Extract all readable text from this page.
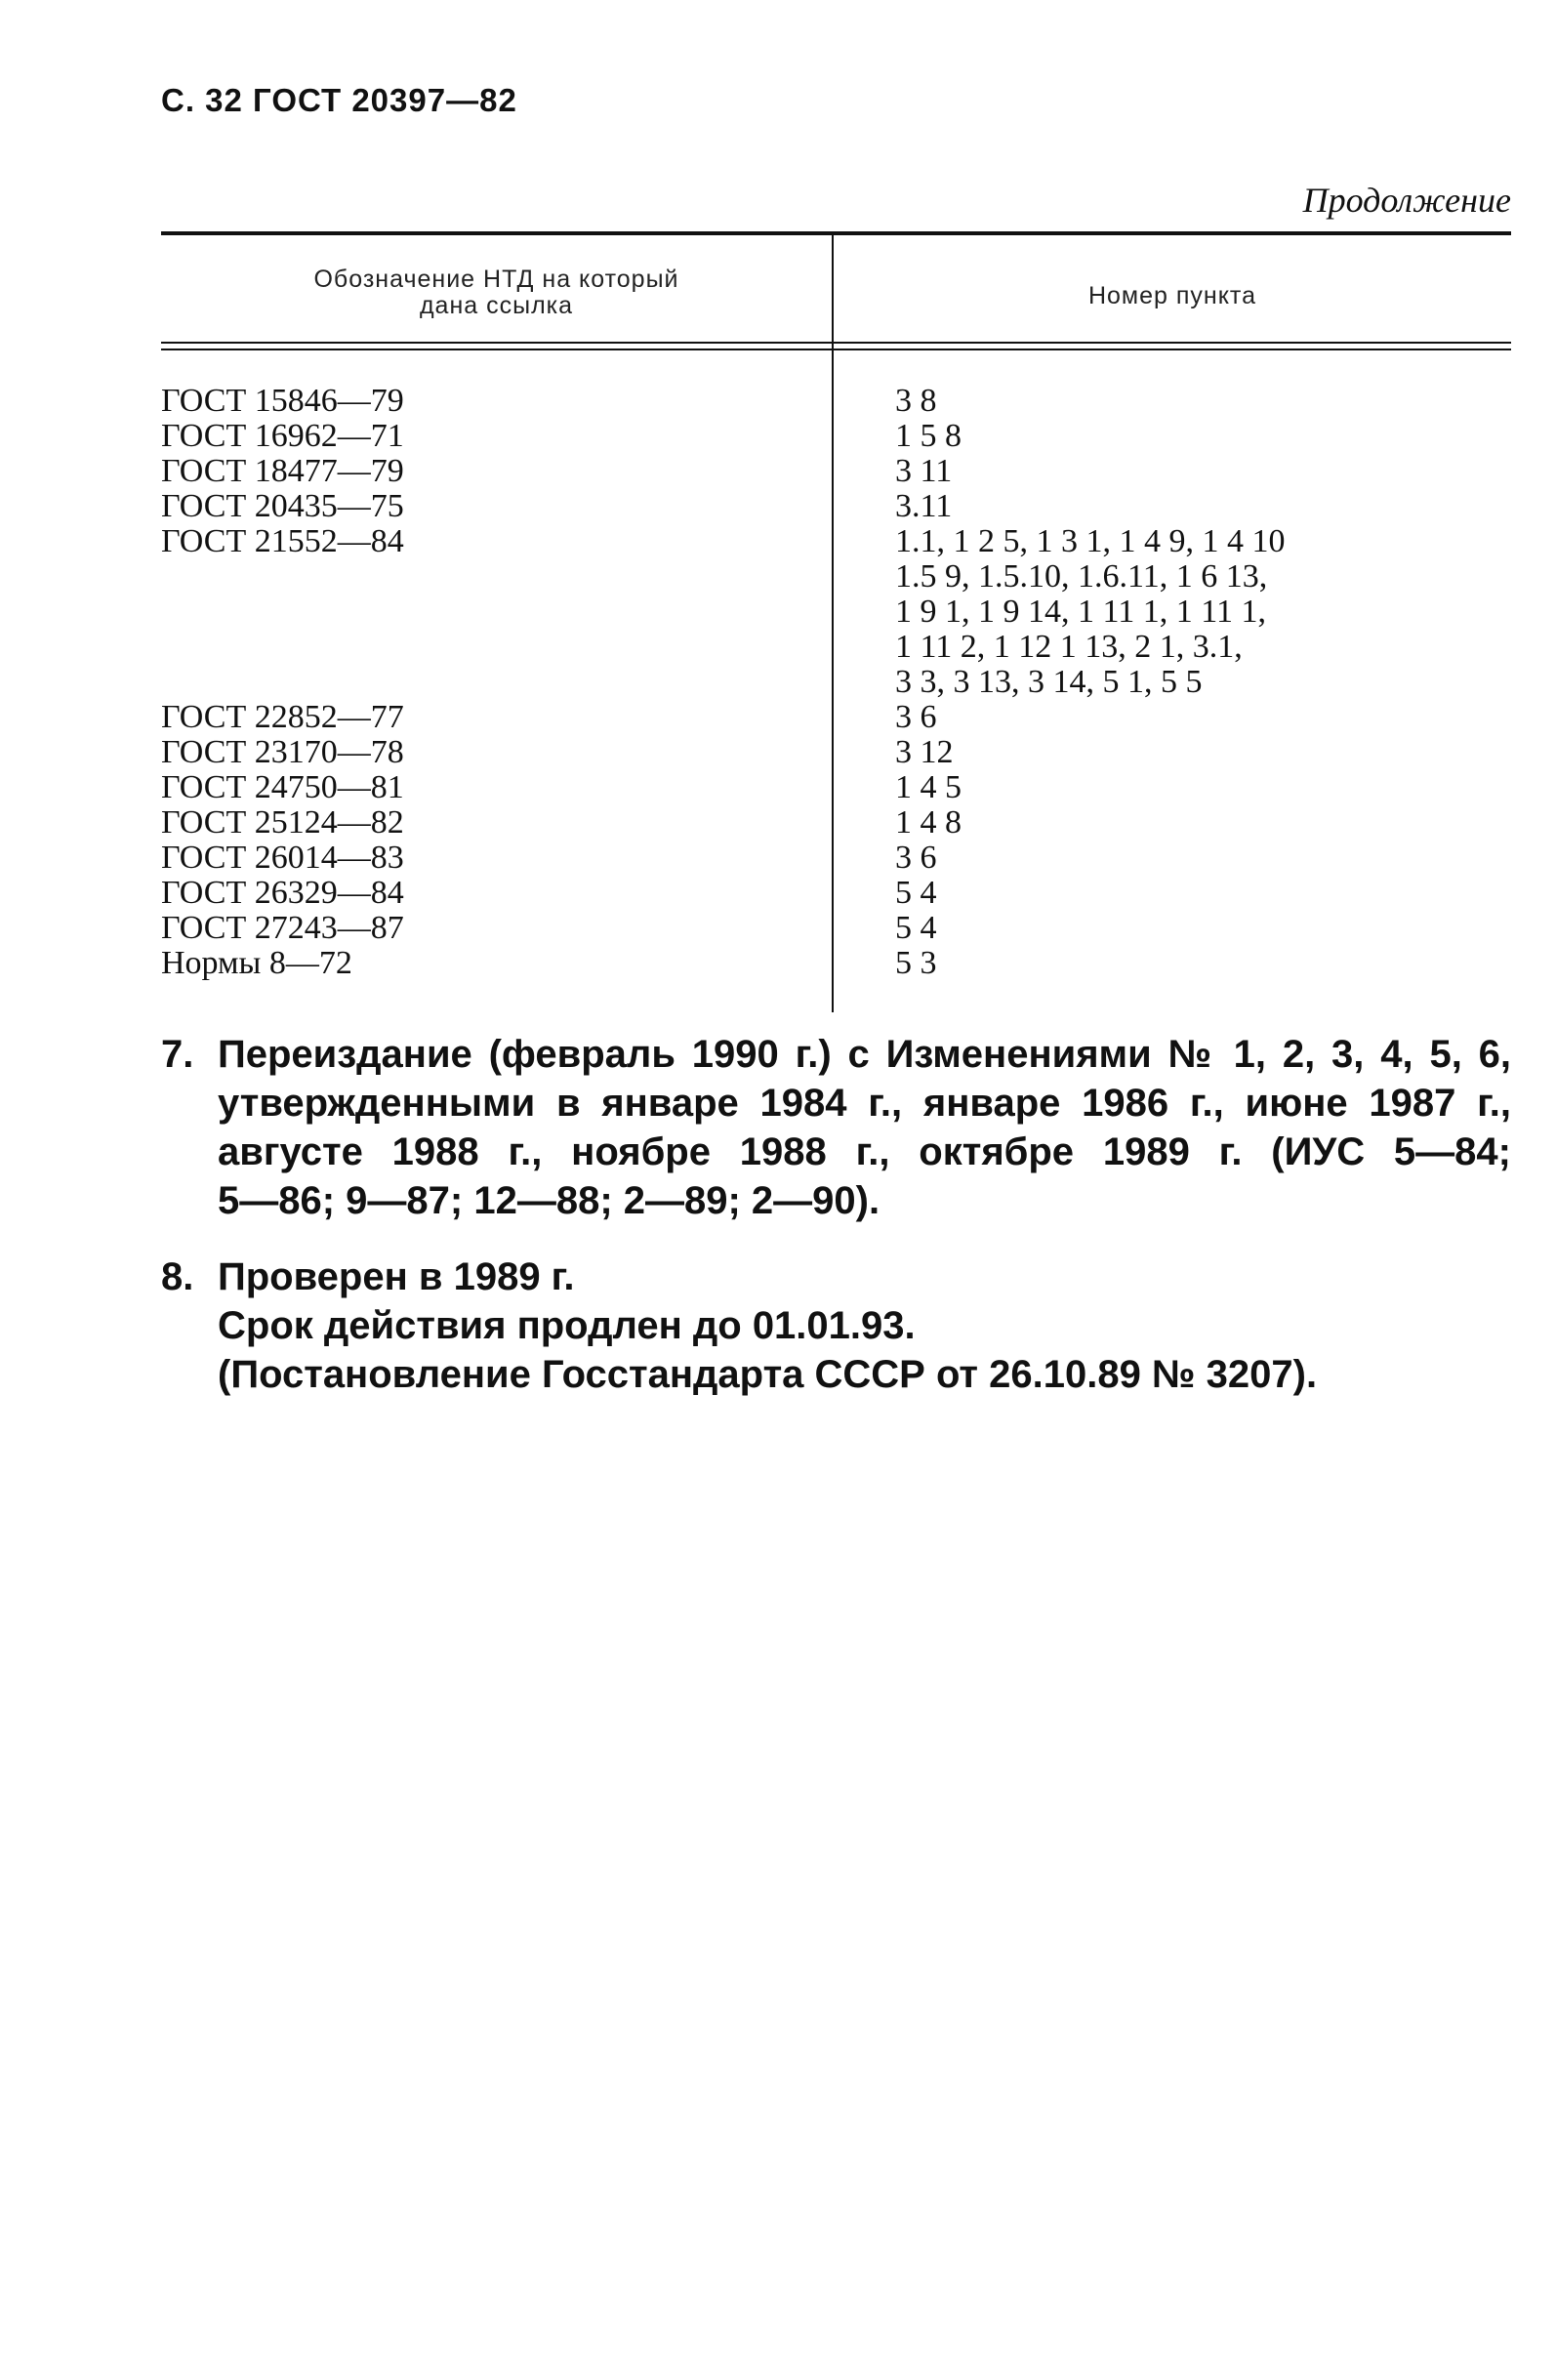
С. 32 ГОСТ 20397—82
Продолжение
Обозначение НТД на который
дана ссылка	Номер пункта
ГОСТ 15846—79
ГОСТ 16962—71
ГОСТ 18477—79
ГОСТ 20435—75
ГОСТ 21552—84
ГОСТ 22852—77
ГОСТ 23170—78
ГОСТ 24750—81
ГОСТ 25124—82
ГОСТ 26014—83
ГОСТ 26329—84
ГОСТ 27243—87
Нормы 8—72
3 8
1 5 8
3 11
3.11
1.1, 1 2 5, 1 3 1, 1 4 9, 1 4 10
1.5 9, 1.5.10, 1.6.11, 1 6 13,
1 9 1, 1 9 14, 1 11 1, 1 11 1,
1 11 2, 1 12 1 13, 2 1, 3.1,
3 3, 3 13, 3 14, 5 1, 5 5
3 6
3 12
1 4 5
1 4 8
3 6
5 4
5 4
5 3
7. Переиздание (февраль 1990 г.) с Изменениями № 1, 2, 3, 4, 5, 6,
утвержденными в январе 1984 г., январе 1986 г., июне 1987 г.,
августе 1988 г., ноябре 1988 г., октябре 1989 г. (ИУС 5—84;
5—86; 9—87; 12—88; 2—89; 2—90).
8. Проверен в 1989 г.
Срок действия продлен до 01.01.93.
(Постановление Госстандарта СССР от 26.10.89 № 3207).
